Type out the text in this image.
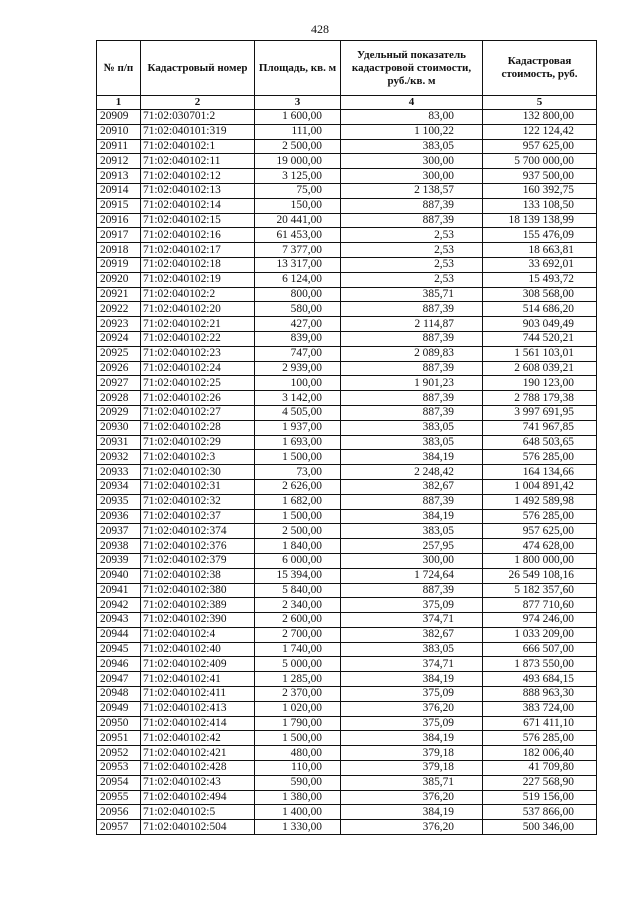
428
№ п/п	Кадастровый номер	Площадь, кв. м	Удельный показатель кадастровой стоимости, руб./кв. м	Кадастровая стоимость, руб.
1	2	3	4	5
20909	71:02:030701:2	1 600,00	83,00	132 800,00
20910	71:02:040101:319	111,00	1 100,22	122 124,42
20911	71:02:040102:1	2 500,00	383,05	957 625,00
20912	71:02:040102:11	19 000,00	300,00	5 700 000,00
20913	71:02:040102:12	3 125,00	300,00	937 500,00
20914	71:02:040102:13	75,00	2 138,57	160 392,75
20915	71:02:040102:14	150,00	887,39	133 108,50
20916	71:02:040102:15	20 441,00	887,39	18 139 138,99
20917	71:02:040102:16	61 453,00	2,53	155 476,09
20918	71:02:040102:17	7 377,00	2,53	18 663,81
20919	71:02:040102:18	13 317,00	2,53	33 692,01
20920	71:02:040102:19	6 124,00	2,53	15 493,72
20921	71:02:040102:2	800,00	385,71	308 568,00
20922	71:02:040102:20	580,00	887,39	514 686,20
20923	71:02:040102:21	427,00	2 114,87	903 049,49
20924	71:02:040102:22	839,00	887,39	744 520,21
20925	71:02:040102:23	747,00	2 089,83	1 561 103,01
20926	71:02:040102:24	2 939,00	887,39	2 608 039,21
20927	71:02:040102:25	100,00	1 901,23	190 123,00
20928	71:02:040102:26	3 142,00	887,39	2 788 179,38
20929	71:02:040102:27	4 505,00	887,39	3 997 691,95
20930	71:02:040102:28	1 937,00	383,05	741 967,85
20931	71:02:040102:29	1 693,00	383,05	648 503,65
20932	71:02:040102:3	1 500,00	384,19	576 285,00
20933	71:02:040102:30	73,00	2 248,42	164 134,66
20934	71:02:040102:31	2 626,00	382,67	1 004 891,42
20935	71:02:040102:32	1 682,00	887,39	1 492 589,98
20936	71:02:040102:37	1 500,00	384,19	576 285,00
20937	71:02:040102:374	2 500,00	383,05	957 625,00
20938	71:02:040102:376	1 840,00	257,95	474 628,00
20939	71:02:040102:379	6 000,00	300,00	1 800 000,00
20940	71:02:040102:38	15 394,00	1 724,64	26 549 108,16
20941	71:02:040102:380	5 840,00	887,39	5 182 357,60
20942	71:02:040102:389	2 340,00	375,09	877 710,60
20943	71:02:040102:390	2 600,00	374,71	974 246,00
20944	71:02:040102:4	2 700,00	382,67	1 033 209,00
20945	71:02:040102:40	1 740,00	383,05	666 507,00
20946	71:02:040102:409	5 000,00	374,71	1 873 550,00
20947	71:02:040102:41	1 285,00	384,19	493 684,15
20948	71:02:040102:411	2 370,00	375,09	888 963,30
20949	71:02:040102:413	1 020,00	376,20	383 724,00
20950	71:02:040102:414	1 790,00	375,09	671 411,10
20951	71:02:040102:42	1 500,00	384,19	576 285,00
20952	71:02:040102:421	480,00	379,18	182 006,40
20953	71:02:040102:428	110,00	379,18	41 709,80
20954	71:02:040102:43	590,00	385,71	227 568,90
20955	71:02:040102:494	1 380,00	376,20	519 156,00
20956	71:02:040102:5	1 400,00	384,19	537 866,00
20957	71:02:040102:504	1 330,00	376,20	500 346,00
